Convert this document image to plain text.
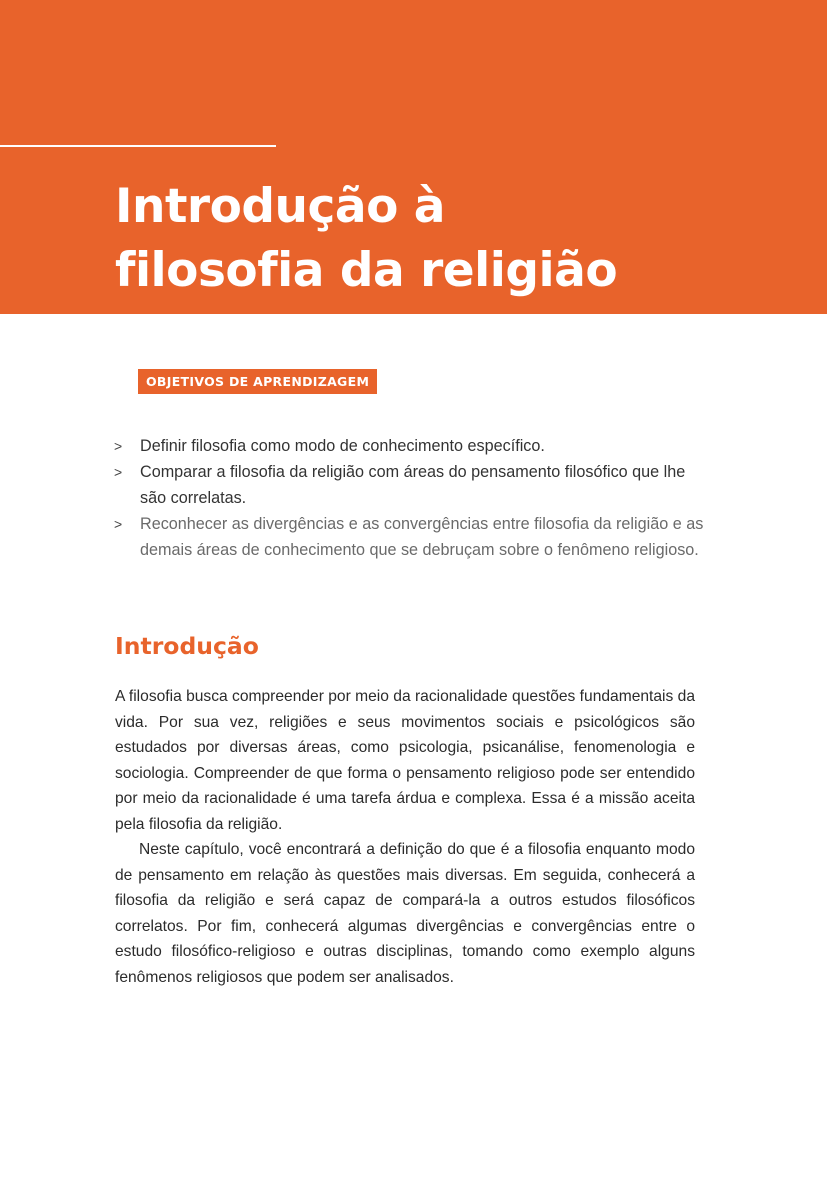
Introdução à
filosofia da religião
OBJETIVOS DE APRENDIZAGEM
> Definir filosofia como modo de conhecimento específico.
> Comparar a filosofia da religião com áreas do pensamento filosófico que lhe são correlatas.
> Reconhecer as divergências e as convergências entre filosofia da religião e as demais áreas de conhecimento que se debruçam sobre o fenômeno religioso.
Introdução

A filosofia busca compreender por meio da racionalidade questões fundamentais da vida. Por sua vez, religiões e seus movimentos sociais e psicológicos são estudados por diversas áreas, como psicologia, psicanálise, fenomenologia e sociologia. Compreender de que forma o pensamento religioso pode ser entendido por meio da racionalidade é uma tarefa árdua e complexa. Essa é a missão aceita pela filosofia da religião.

Neste capítulo, você encontrará a definição do que é a filosofia enquanto modo de pensamento em relação às questões mais diversas. Em seguida, conhecerá a filosofia da religião e será capaz de compará-la a outros estudos filosóficos correlatos. Por fim, conhecerá algumas divergências e convergências entre o estudo filosófico-religioso e outras disciplinas, tomando como exemplo alguns fenômenos religiosos que podem ser analisados.
